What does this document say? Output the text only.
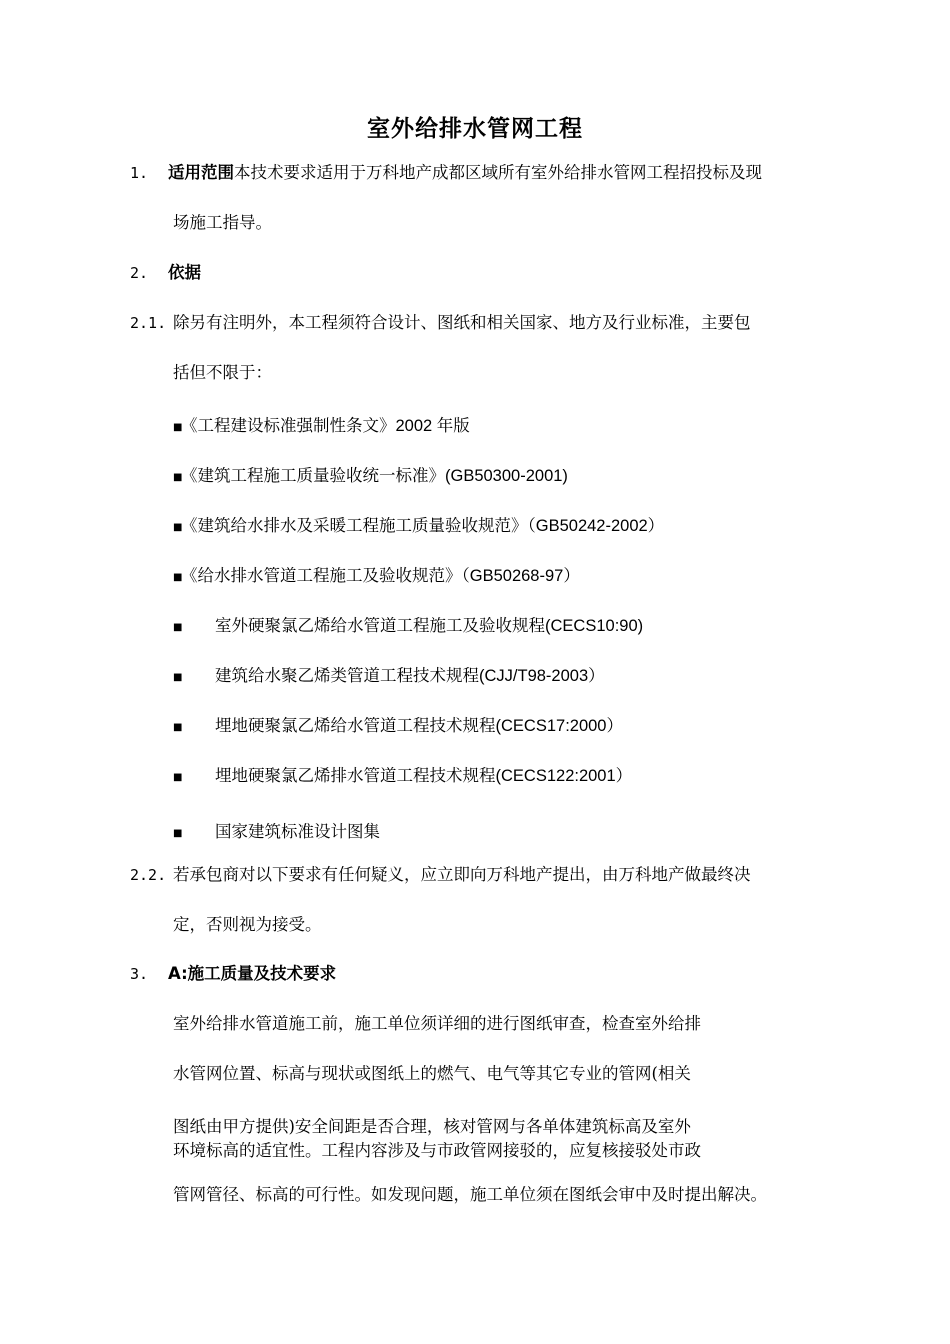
室外给排水管网工程
1. 适用范围本技术要求适用于万科地产成都区域所有室外给排水管网工程招投标及现
场施工指导。
2. 依据
2.1. 除另有注明外，本工程须符合设计、图纸和相关国家、地方及行业标准，主要包
括但不限于：
■
《工程建设标准强制性条文》2002 年版
■
《建筑工程施工质量验收统一标准》(GB50300-2001)
■
《建筑给水排水及采暖工程施工质量验收规范》（GB50242-2002）
■
《给水排水管道工程施工及验收规范》（GB50268-97）
■ 室外硬聚氯乙烯给水管道工程施工及验收规程(CECS10:90)
■ 建筑给水聚乙烯类管道工程技术规程(CJJ/T98-2003）
■ 埋地硬聚氯乙烯给水管道工程技术规程(CECS17:2000）
■ 埋地硬聚氯乙烯排水管道工程技术规程(CECS122:2001）
■ 国家建筑标准设计图集
2.2. 若承包商对以下要求有任何疑义，应立即向万科地产提出，由万科地产做最终决
定，否则视为接受。
3. A:施工质量及技术要求
室外给排水管道施工前，施工单位须详细的进行图纸审查，检查室外给排
水管网位置、标高与现状或图纸上的燃气、电气等其它专业的管网(相关
图纸由甲方提供)安全间距是否合理，核对管网与各单体建筑标高及室外
环境标高的适宜性。工程内容涉及与市政管网接驳的，应复核接驳处市政
管网管径、标高的可行性。如发现问题，施工单位须在图纸会审中及时提出解决。
